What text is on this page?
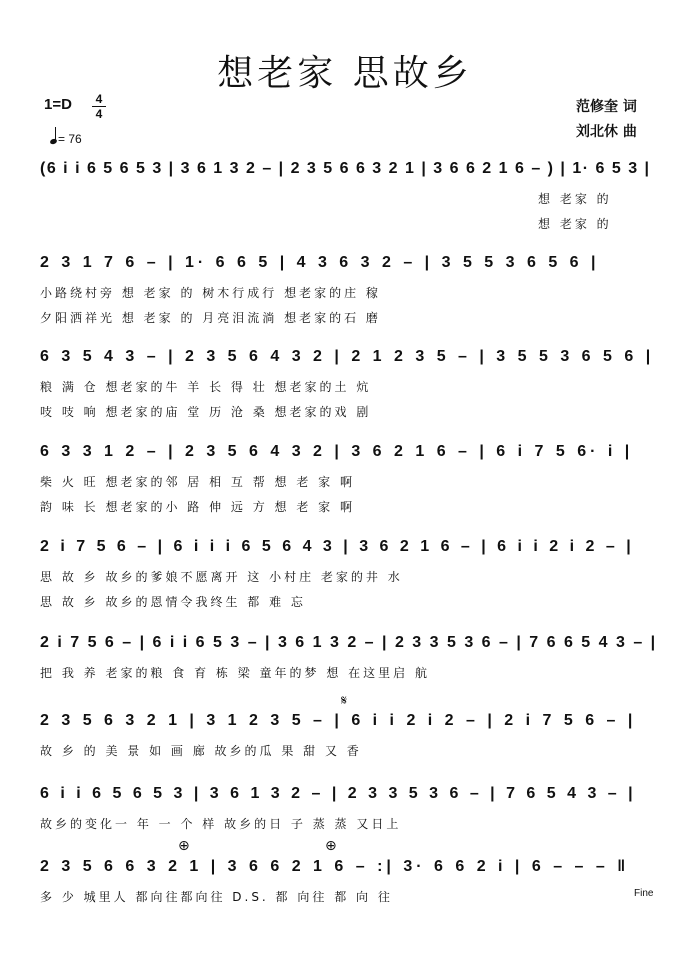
想老家 思故乡
1=D	4
4
= 76
范修奎 词
刘北休 曲
(6 i i 6 5 6 5 3 | 3 6 1 3 2 – | 2 3 5 6 6 3 2 1 | 3 6 6 2 1 6 – ) | 1· 6 5 3 |
想 老家 的
想 老家 的
2 3 1 7 6 – | 1· 6 6 5 | 4 3 6 3 2 – | 3 5 5 3 6 5 6 |
小路绕村旁 想 老家 的 树木行成行 想老家的庄 稼
夕阳洒祥光 想 老家 的 月亮泪流淌 想老家的石 磨
6 3 5 4 3 – | 2 3 5 6 4 3 2 | 2 1 2 3 5 – | 3 5 5 3 6 5 6 |
粮 满 仓 想老家的牛 羊 长 得 壮 想老家的土 炕
吱 吱 响 想老家的庙 堂 历 沧 桑 想老家的戏 剧
6 3 3 1 2 – | 2 3 5 6 4 3 2 | 3 6 2 1 6 – | 6 i 7 5 6· i |
柴 火 旺 想老家的邻 居 相 互 帮 想 老 家 啊
韵 味 长 想老家的小 路 伸 远 方 想 老 家 啊
2 i 7 5 6 – | 6 i i i 6 5 6 4 3 | 3 6 2 1 6 – | 6 i i 2 i 2 – |
思 故 乡 故乡的爹娘不愿离开 这 小村庄 老家的井 水
思 故 乡 故乡的恩情令我终生 都 难 忘
2 i 7 5 6 – | 6 i i 6 5 3 – | 3 6 1 3 2 – | 2 3 3 5 3 6 – | 7 6 6 5 4 3 – |
把 我 养 老家的粮 食 育 栋 梁 童年的梦 想 在这里启 航
𝄋
2 3 5 6 3 2 1 | 3 1 2 3 5 – | 6 i i 2 i 2 – | 2 i 7 5 6 – |
故 乡 的 美 景 如 画 廊 故乡的瓜 果 甜 又 香
6 i i 6 5 6 5 3 | 3 6 1 3 2 – | 2 3 3 5 3 6 – | 7 6 5 4 3 – |
故乡的变化一 年 一 个 样 故乡的日 子 蒸 蒸 又日上
⊕	⊕
2 3 5 6 6 3 2 1 | 3 6 6 2 1 6 – :| 3· 6 6 2 i | 6 – – – ‖
多 少 城里人 都向往都向往 D.S. 都 向往 都 向 往	Fine
